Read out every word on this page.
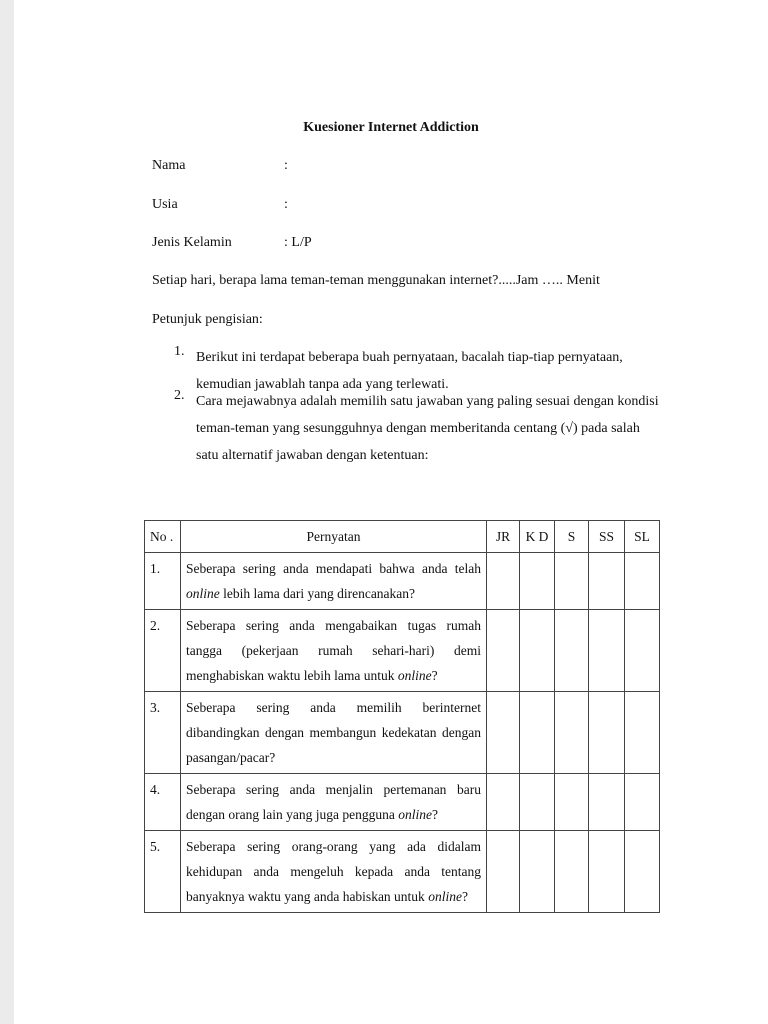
Kuesioner Internet Addiction
Nama	:
Usia	:
Jenis Kelamin	: L/P
Setiap hari, berapa lama teman-teman menggunakan internet?.....Jam ….. Menit
Petunjuk pengisian:
1. Berikut ini terdapat beberapa buah pernyataan, bacalah tiap-tiap pernyataan, kemudian jawablah tanpa ada yang terlewati.
2. Cara mejawabnya adalah memilih satu jawaban yang paling sesuai dengan kondisi teman-teman yang sesungguhnya dengan memberitanda centang (√) pada salah satu alternatif jawaban dengan ketentuan:
No .	Pernyatan	JR	K D	S	SS	SL
1.	Seberapa sering anda mendapati bahwa anda telah online lebih lama dari yang direncanakan?					
2.	Seberapa sering anda mengabaikan tugas rumah tangga (pekerjaan rumah sehari-hari) demi menghabiskan waktu lebih lama untuk online?					
3.	Seberapa sering anda memilih berinternet dibandingkan dengan membangun kedekatan dengan pasangan/pacar?					
4.	Seberapa sering anda menjalin pertemanan baru dengan orang lain yang juga pengguna online?					
5.	Seberapa sering orang-orang yang ada didalam kehidupan anda mengeluh kepada anda tentang banyaknya waktu yang anda habiskan untuk online?					
